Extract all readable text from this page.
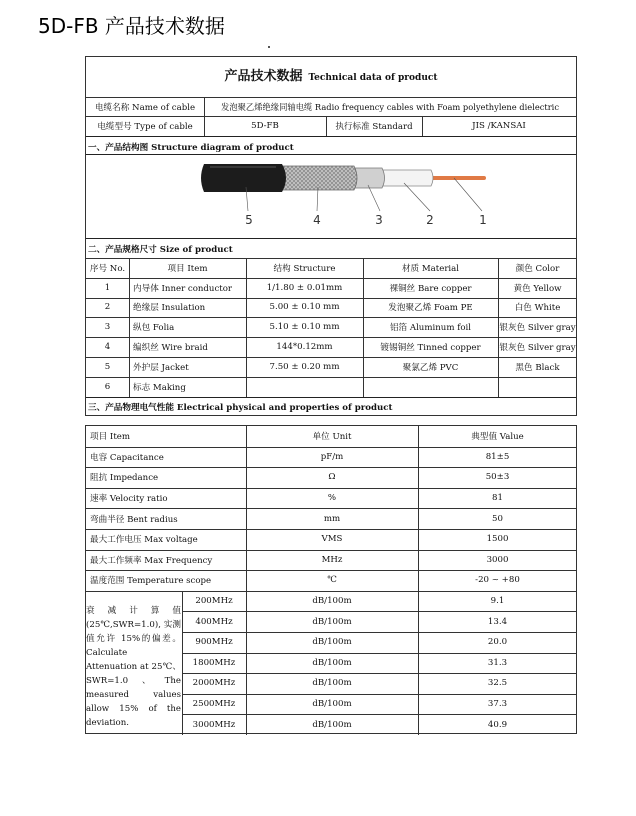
5D-FB 产品技术数据
产品技术数据 Technical data of product
电缆名称 Name of cable	发泡聚乙烯绝缘同轴电缆 Radio frequency cables with Foam polyethylene dielectric
电缆型号 Type of cable	5D-FB	执行标准 Standard	JIS /KANSAI
一、产品结构图 Structure diagram of product
5	4	3	2	1
二、产品规格尺寸 Size of product
序号 No.	项目 Item	结构 Structure	材质 Material	颜色 Color
1	内导体 Inner conductor	1/1.80 ± 0.01mm	裸铜丝 Bare copper	黄色 Yellow
2	绝缘层 Insulation	5.00 ± 0.10 mm	发泡聚乙烯 Foam PE	白色 White
3	纵包 Folia	5.10 ± 0.10 mm	铝箔 Aluminum foil	银灰色 Silver gray
4	编织丝 Wire braid	144*0.12mm	镀锡铜丝 Tinned copper	银灰色 Silver gray
5	外护层 Jacket	7.50 ± 0.20 mm	聚氯乙烯 PVC	黑色 Black
6	标志 Making
三、产品物理电气性能 Electrical physical and properties of product
项目 Item	单位 Unit	典型值 Value
电容 Capacitance	pF/m	81±5
阻抗 Impedance	Ω	50±3
速率 Velocity ratio	%	81
弯曲半径 Bent radius	mm	50
最大工作电压 Max voltage	VMS	1500
最大工作频率 Max Frequency	MHz	3000
温度范围 Temperature scope	℃	-20 ~ +80
200MHz	dB/100m	9.1
400MHz	dB/100m	13.4
900MHz	dB/100m	20.0
1800MHz	dB/100m	31.3
2000MHz	dB/100m	32.5
2500MHz	dB/100m	37.3
3000MHz	dB/100m	40.9
衰减计算值(25℃,SWR=1.0), 实测值允许 15%的偏差。Calculate Attenuation at 25℃、SWR=1.0、The measured values allow 15% of the deviation.
